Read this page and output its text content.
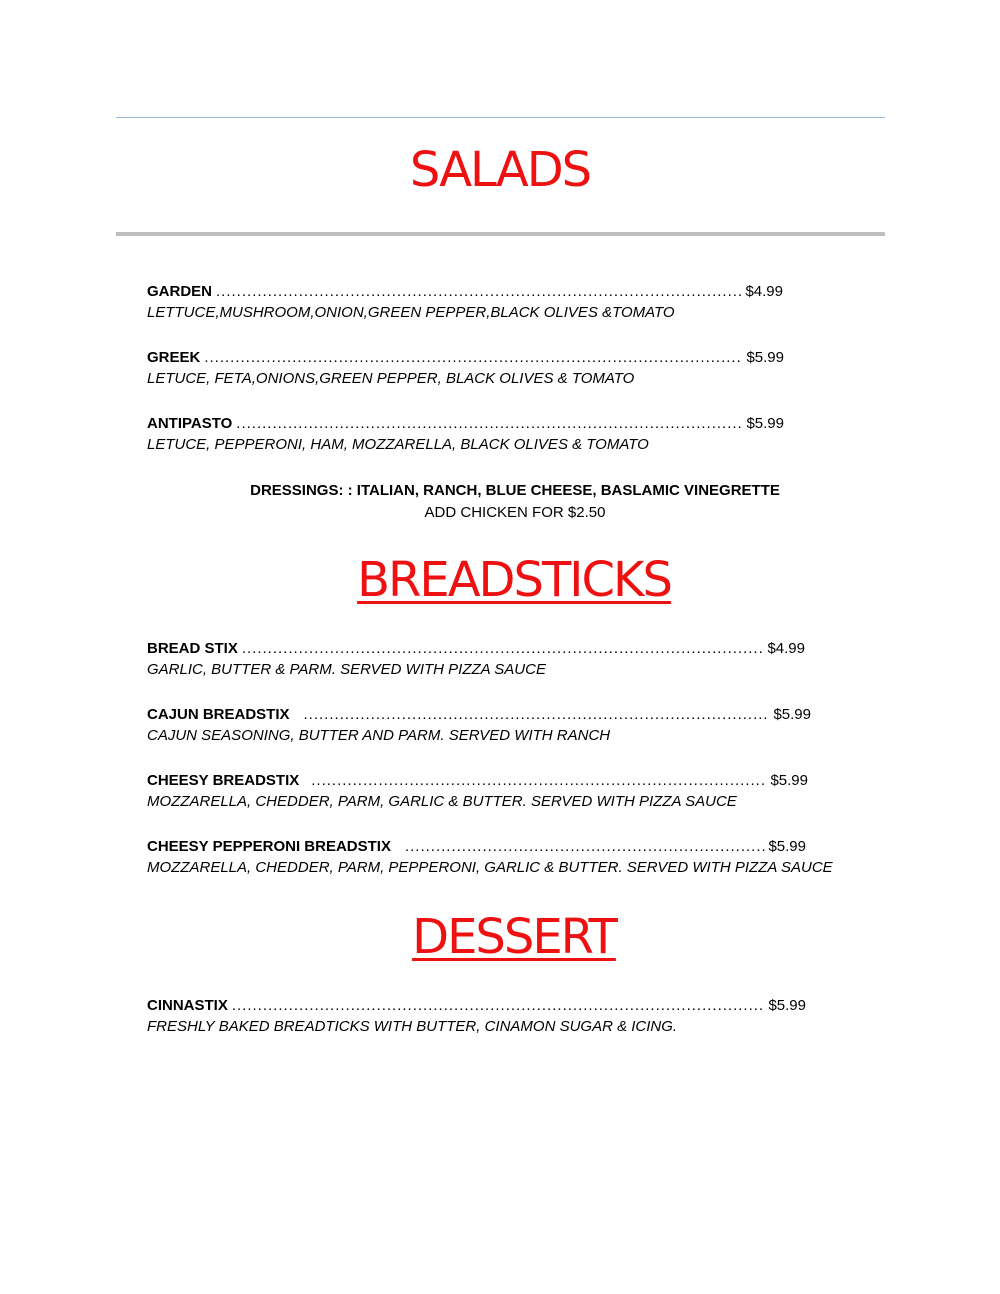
SALADS
GARDEN .....	$4.99
LETTUCE,MUSHROOM,ONION,GREEN PEPPER,BLACK OLIVES &TOMATO
GREEK .....	$5.99
LETUCE, FETA,ONIONS,GREEN PEPPER, BLACK OLIVES & TOMATO
ANTIPASTO .....	$5.99
LETUCE, PEPPERONI, HAM, MOZZARELLA, BLACK OLIVES & TOMATO
DRESSINGS: : ITALIAN, RANCH, BLUE CHEESE, BASLAMIC VINEGRETTE
ADD CHICKEN FOR $2.50
BREADSTICKS
BREAD STIX .....	$4.99
GARLIC, BUTTER & PARM. SERVED WITH PIZZA SAUCE
CAJUN BREADSTIX .....	$5.99
CAJUN SEASONING, BUTTER AND PARM. SERVED WITH RANCH
CHEESY BREADSTIX .....	$5.99
MOZZARELLA, CHEDDER, PARM, GARLIC & BUTTER. SERVED WITH PIZZA SAUCE
CHEESY PEPPERONI BREADSTIX .....	$5.99
MOZZARELLA, CHEDDER, PARM, PEPPERONI, GARLIC & BUTTER. SERVED WITH PIZZA SAUCE
DESSERT
CINNASTIX .....	$5.99
FRESHLY BAKED BREADTICKS WITH BUTTER, CINAMON SUGAR & ICING.
